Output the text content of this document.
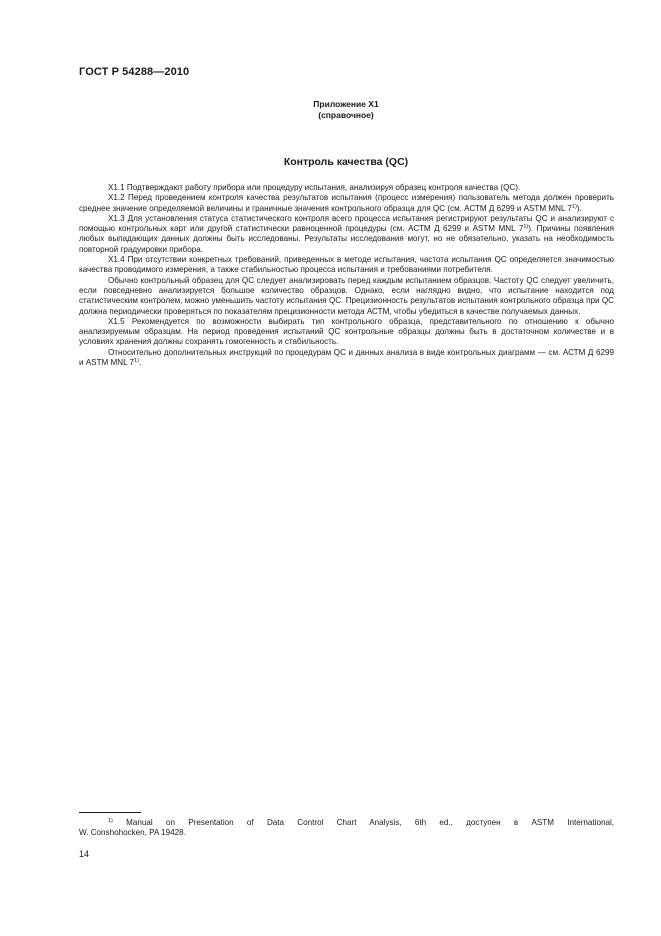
ГОСТ Р 54288—2010
Приложение X1
(справочное)
Контроль качества (QC)

X1.1 Подтверждают работу прибора или процедуру испытания, анализируя образец контроля качества (QC).

X1.2 Перед проведением контроля качества результатов испытания (процесс измерения) пользователь метода должен проверить среднее значение определяемой величины и граничные значения контрольного образца для QC (см. АСТМ Д 6299 и ASTM MNL 7$^{1)}$).

X1.3 Для установления статуса статистического контроля всего процесса испытания регистрируют результаты QC и анализируют с помощью контрольных карт или другой статистически равноценной процедуры (см. АСТМ Д 6299 и ASTM MNL 7$^{1)}$). Причины появления любых выпадающих данных должны быть исследованы. Результаты исследования могут, но не обязательно, указать на необходимость повторной градуировки прибора.

X1.4 При отсутствии конкретных требований, приведенных в методе испытания, частота испытания QC определяется значимостью качества проводимого измерения, а также стабильностью процесса испытания и требованиями потребителя.

Обычно контрольный образец для QC следует анализировать перед каждым испытанием образцов. Частоту QC следует увеличить, если повседневно анализируется большое количество образцов. Однако, если наглядно видно, что испытание находится под статистическим контролем, можно уменьшить частоту испытания QC. Прецизионность результатов испытания контрольного образца при QC должна периодически проверяться по показателям прецизионности метода АСТМ, чтобы убедиться в качестве получаемых данных.

X1.5 Рекомендуется по возможности выбирать тип контрольного образца, представительного по отношению к обычно анализируемым образцам. На период проведения испытаний QC контрольные образцы должны быть в достаточном количестве и в условиях хранения должны сохранять гомогенность и стабильность.

Относительно дополнительных инструкций по процедурам QC и данных анализа в виде контрольных диаграмм — см. АСТМ Д 6299 и ASTM MNL 7$^{1)}$.

$^{1)}$ Manual on Presentation of Data Control Chart Analysis, 6th ed., доступен в ASTM International,
W. Conshohocken, PA 19428.
14
